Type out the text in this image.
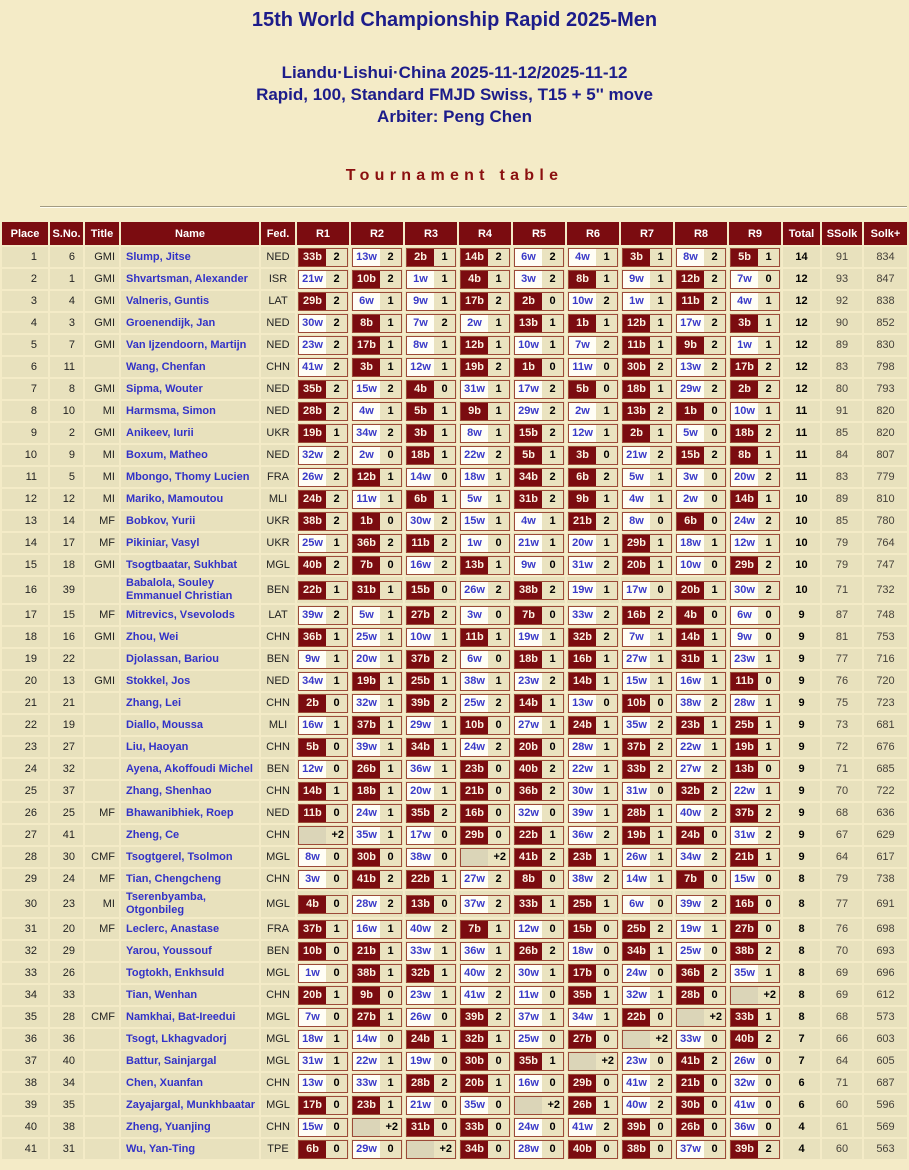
15th World Championship Rapid 2025-Men
Liandu·Lishui·China 2025-11-12/2025-11-12
Rapid, 100, Standard FMJD Swiss, T15 + 5'' move
Arbiter: Peng Chen
Tournament table
Place	S.No.	Title	Name	Fed.	R1	R2	R3	R4	R5	R6	R7	R8	R9	Total	SSolk	Solk+
1	6	GMI	Slump, Jitse	NED	33b 2	13w 2	2b 1	14b 2	6w 2	4w 1	3b 1	8w 2	5b 1	14	91	834
2	1	GMI	Shvartsman, Alexander	ISR	21w 2	10b 2	1w 1	4b 1	3w 2	8b 1	9w 1	12b 2	7w 0	12	93	847
3	4	GMI	Valneris, Guntis	LAT	29b 2	6w 1	9w 1	17b 2	2b 0	10w 2	1w 1	11b 2	4w 1	12	92	838
4	3	GMI	Groenendijk, Jan	NED	30w 2	8b 1	7w 2	2w 1	13b 1	1b 1	12b 1	17w 2	3b 1	12	90	852
5	7	GMI	Van Ijzendoorn, Martijn	NED	23w 2	17b 1	8w 1	12b 1	10w 1	7w 2	11b 1	9b 2	1w 1	12	89	830
6	11		Wang, Chenfan	CHN	41w 2	3b 1	12w 1	19b 2	1b 0	11w 0	30b 2	13w 2	17b 2	12	83	798
7	8	GMI	Sipma, Wouter	NED	35b 2	15w 2	4b 0	31w 1	17w 2	5b 0	18b 1	29w 2	2b 2	12	80	793
8	10	MI	Harmsma, Simon	NED	28b 2	4w 1	5b 1	9b 1	29w 2	2w 1	13b 2	1b 0	10w 1	11	91	820
9	2	GMI	Anikeev, Iurii	UKR	19b 1	34w 2	3b 1	8w 1	15b 2	12w 1	2b 1	5w 0	18b 2	11	85	820
10	9	MI	Boxum, Matheo	NED	32w 2	2w 0	18b 1	22w 2	5b 1	3b 0	21w 2	15b 2	8b 1	11	84	807
11	5	MI	Mbongo, Thomy Lucien	FRA	26w 2	12b 1	14w 0	18w 1	34b 2	6b 2	5w 1	3w 0	20w 2	11	83	779
12	12	MI	Mariko, Mamoutou	MLI	24b 2	11w 1	6b 1	5w 1	31b 2	9b 1	4w 1	2w 0	14b 1	10	89	810
13	14	MF	Bobkov, Yurii	UKR	38b 2	1b 0	30w 2	15w 1	4w 1	21b 2	8w 0	6b 0	24w 2	10	85	780
14	17	MF	Pikiniar, Vasyl	UKR	25w 1	36b 2	11b 2	1w 0	21w 1	20w 1	29b 1	18w 1	12w 1	10	79	764
15	18	GMI	Tsogtbaatar, Sukhbat	MGL	40b 2	7b 0	16w 2	13b 1	9w 0	31w 2	20b 1	10w 0	29b 2	10	79	747
16	39		Babalola, Souley Emmanuel Christian	BEN	22b 1	31b 1	15b 0	26w 2	38b 2	19w 1	17w 0	20b 1	30w 2	10	71	732
17	15	MF	Mitrevics, Vsevolods	LAT	39w 2	5w 1	27b 2	3w 0	7b 0	33w 2	16b 2	4b 0	6w 0	9	87	748
18	16	GMI	Zhou, Wei	CHN	36b 1	25w 1	10w 1	11b 1	19w 1	32b 2	7w 1	14b 1	9w 0	9	81	753
19	22		Djolassan, Bariou	BEN	9w 1	20w 1	37b 2	6w 0	18b 1	16b 1	27w 1	31b 1	23w 1	9	77	716
20	13	GMI	Stokkel, Jos	NED	34w 1	19b 1	25b 1	38w 1	23w 2	14b 1	15w 1	16w 1	11b 0	9	76	720
21	21		Zhang, Lei	CHN	2b 0	32w 1	39b 2	25w 2	14b 1	13w 0	10b 0	38w 2	28w 1	9	75	723
22	19		Diallo, Moussa	MLI	16w 1	37b 1	29w 1	10b 0	27w 1	24b 1	35w 2	23b 1	25b 1	9	73	681
23	27		Liu, Haoyan	CHN	5b 0	39w 1	34b 1	24w 2	20b 0	28w 1	37b 2	22w 1	19b 1	9	72	676
24	32		Ayena, Akoffoudi Michel	BEN	12w 0	26b 1	36w 1	23b 0	40b 2	22w 1	33b 2	27w 2	13b 0	9	71	685
25	37		Zhang, Shenhao	CHN	14b 1	18b 1	20w 1	21b 0	36b 2	30w 1	31w 0	32b 2	22w 1	9	70	722
26	25	MF	Bhawanibhiek, Roep	NED	11b 0	24w 1	35b 2	16b 0	32w 0	39w 1	28b 1	40w 2	37b 2	9	68	636
27	41		Zheng, Ce	CHN	+2	35w 1	17w 0	29b 0	22b 1	36w 2	19b 1	24b 0	31w 2	9	67	629
28	30	CMF	Tsogtgerel, Tsolmon	MGL	8w 0	30b 0	38w 0	+2	41b 2	23b 1	26w 1	34w 2	21b 1	9	64	617
29	24	MF	Tian, Chengcheng	CHN	3w 0	41b 2	22b 1	27w 2	8b 0	38w 2	14w 1	7b 0	15w 0	8	79	738
30	23	MI	Tserenbyamba, Otgonbileg	MGL	4b 0	28w 2	13b 0	37w 2	33b 1	25b 1	6w 0	39w 2	16b 0	8	77	691
31	20	MF	Leclerc, Anastase	FRA	37b 1	16w 1	40w 2	7b 1	12w 0	15b 0	25b 2	19w 1	27b 0	8	76	698
32	29		Yarou, Youssouf	BEN	10b 0	21b 1	33w 1	36w 1	26b 2	18w 0	34b 1	25w 0	38b 2	8	70	693
33	26		Togtokh, Enkhsuld	MGL	1w 0	38b 1	32b 1	40w 2	30w 1	17b 0	24w 0	36b 2	35w 1	8	69	696
34	33		Tian, Wenhan	CHN	20b 1	9b 0	23w 1	41w 2	11w 0	35b 1	32w 1	28b 0	+2	8	69	612
35	28	CMF	Namkhai, Bat-Ireedui	MGL	7w 0	27b 1	26w 0	39b 2	37w 1	34w 1	22b 0	+2	33b 1	8	68	573
36	36		Tsogt, Lkhagvadorj	MGL	18w 1	14w 0	24b 1	32b 1	25w 0	27b 0	+2	33w 0	40b 2	7	66	603
37	40		Battur, Sainjargal	MGL	31w 1	22w 1	19w 0	30b 0	35b 1	+2	23w 0	41b 2	26w 0	7	64	605
38	34		Chen, Xuanfan	CHN	13w 0	33w 1	28b 2	20b 1	16w 0	29b 0	41w 2	21b 0	32w 0	6	71	687
39	35		Zayajargal, Munkhbaatar	MGL	17b 0	23b 1	21w 0	35w 0	+2	26b 1	40w 2	30b 0	41w 0	6	60	596
40	38		Zheng, Yuanjing	CHN	15w 0	+2	31b 0	33b 0	24w 0	41w 2	39b 0	26b 0	36w 0	4	61	569
41	31		Wu, Yan-Ting	TPE	6b 0	29w 0	+2	34b 0	28w 0	40b 0	38b 0	37w 0	39b 2	4	60	563
